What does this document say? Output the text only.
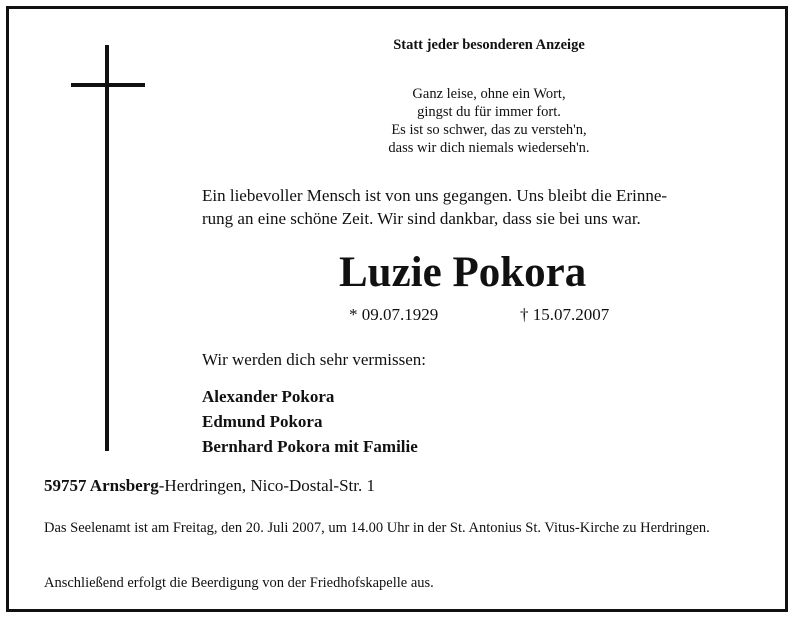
Statt jeder besonderen Anzeige
Ganz leise, ohne ein Wort,
gingst du für immer fort.
Es ist so schwer, das zu versteh'n,
dass wir dich niemals wiederseh'n.
Ein liebevoller Mensch ist von uns gegangen. Uns bleibt die Erinne-
rung an eine schöne Zeit. Wir sind dankbar, dass sie bei uns war.
Luzie Pokora
* 09.07.1929	† 15.07.2007
Wir werden dich sehr vermissen:
Alexander Pokora
Edmund Pokora
Bernhard Pokora mit Familie
59757 Arnsberg-Herdringen, Nico-Dostal-Str. 1
Das Seelenamt ist am Freitag, den 20. Juli 2007, um 14.00 Uhr in der St. Antonius St. Vitus-Kirche zu Herdringen.
Anschließend erfolgt die Beerdigung von der Friedhofskapelle aus.
